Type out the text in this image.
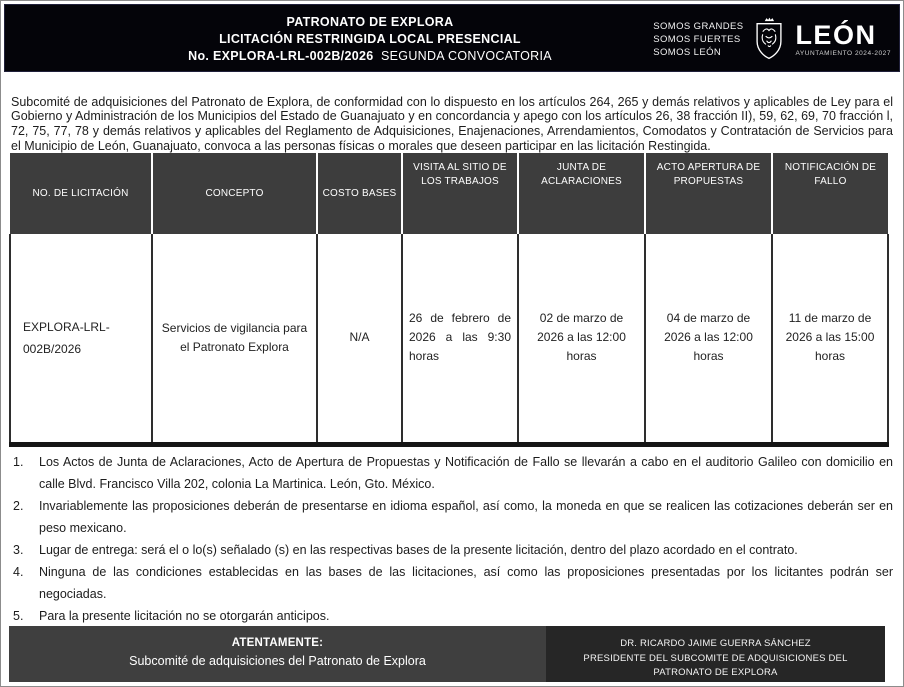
PATRONATO DE EXPLORA
LICITACIÓN RESTRINGIDA LOCAL PRESENCIAL
No. EXPLORA-LRL-002B/2026 SEGUNDA CONVOCATORIA
SOMOS GRANDES
SOMOS FUERTES
SOMOS LEÓN
LEÓN
AYUNTAMIENTO 2024-2027

Subcomité de adquisiciones del Patronato de Explora, de conformidad con lo dispuesto en los artículos 264, 265 y demás relativos y aplicables de Ley para el Gobierno y Administración de los Municipios del Estado de Guanajuato y en concordancia y apego con los artículos 26, 38 fracción II), 59, 62, 69, 70 fracción l, 72, 75, 77, 78 y demás relativos y aplicables del Reglamento de Adquisiciones, Enajenaciones, Arrendamientos, Comodatos y Contratación de Servicios para el Municipio de León, Guanajuato, convoca a las personas físicas o morales que deseen participar en las licitación Restingida.

NO. DE LICITACIÓN	CONCEPTO	COSTO BASES	VISITA AL SITIO DE LOS TRABAJOS	JUNTA DE ACLARACIONES	ACTO APERTURA DE PROPUESTAS	NOTIFICACIÓN DE FALLO
EXPLORA-LRL-002B/2026	Servicios de vigilancia para el Patronato Explora	N/A	26 de febrero de 2026 a las 9:30 horas	02 de marzo de 2026 a las 12:00 horas	04 de marzo de 2026 a las 12:00 horas	11 de marzo de 2026 a las 15:00 horas
1.	Los Actos de Junta de Aclaraciones, Acto de Apertura de Propuestas y Notificación de Fallo se llevarán a cabo en el auditorio Galileo con domicilio en calle Blvd. Francisco Villa 202, colonia La Martinica. León, Gto. México.
2.	Invariablemente las proposiciones deberán de presentarse en idioma español, así como, la moneda en que se realicen las cotizaciones deberán ser en peso mexicano.
3.	Lugar de entrega: será el o lo(s) señalado (s) en las respectivas bases de la presente licitación, dentro del plazo acordado en el contrato.
4.	Ninguna de las condiciones establecidas en las bases de las licitaciones, así como las proposiciones presentadas por los licitantes podrán ser negociadas.
5.	Para la presente licitación no se otorgarán anticipos.
ATENTAMENTE:
Subcomité de adquisiciones del Patronato de Explora
DR. RICARDO JAIME GUERRA SÁNCHEZ
PRESIDENTE DEL SUBCOMITE DE ADQUISICIONES DEL PATRONATO DE EXPLORA
